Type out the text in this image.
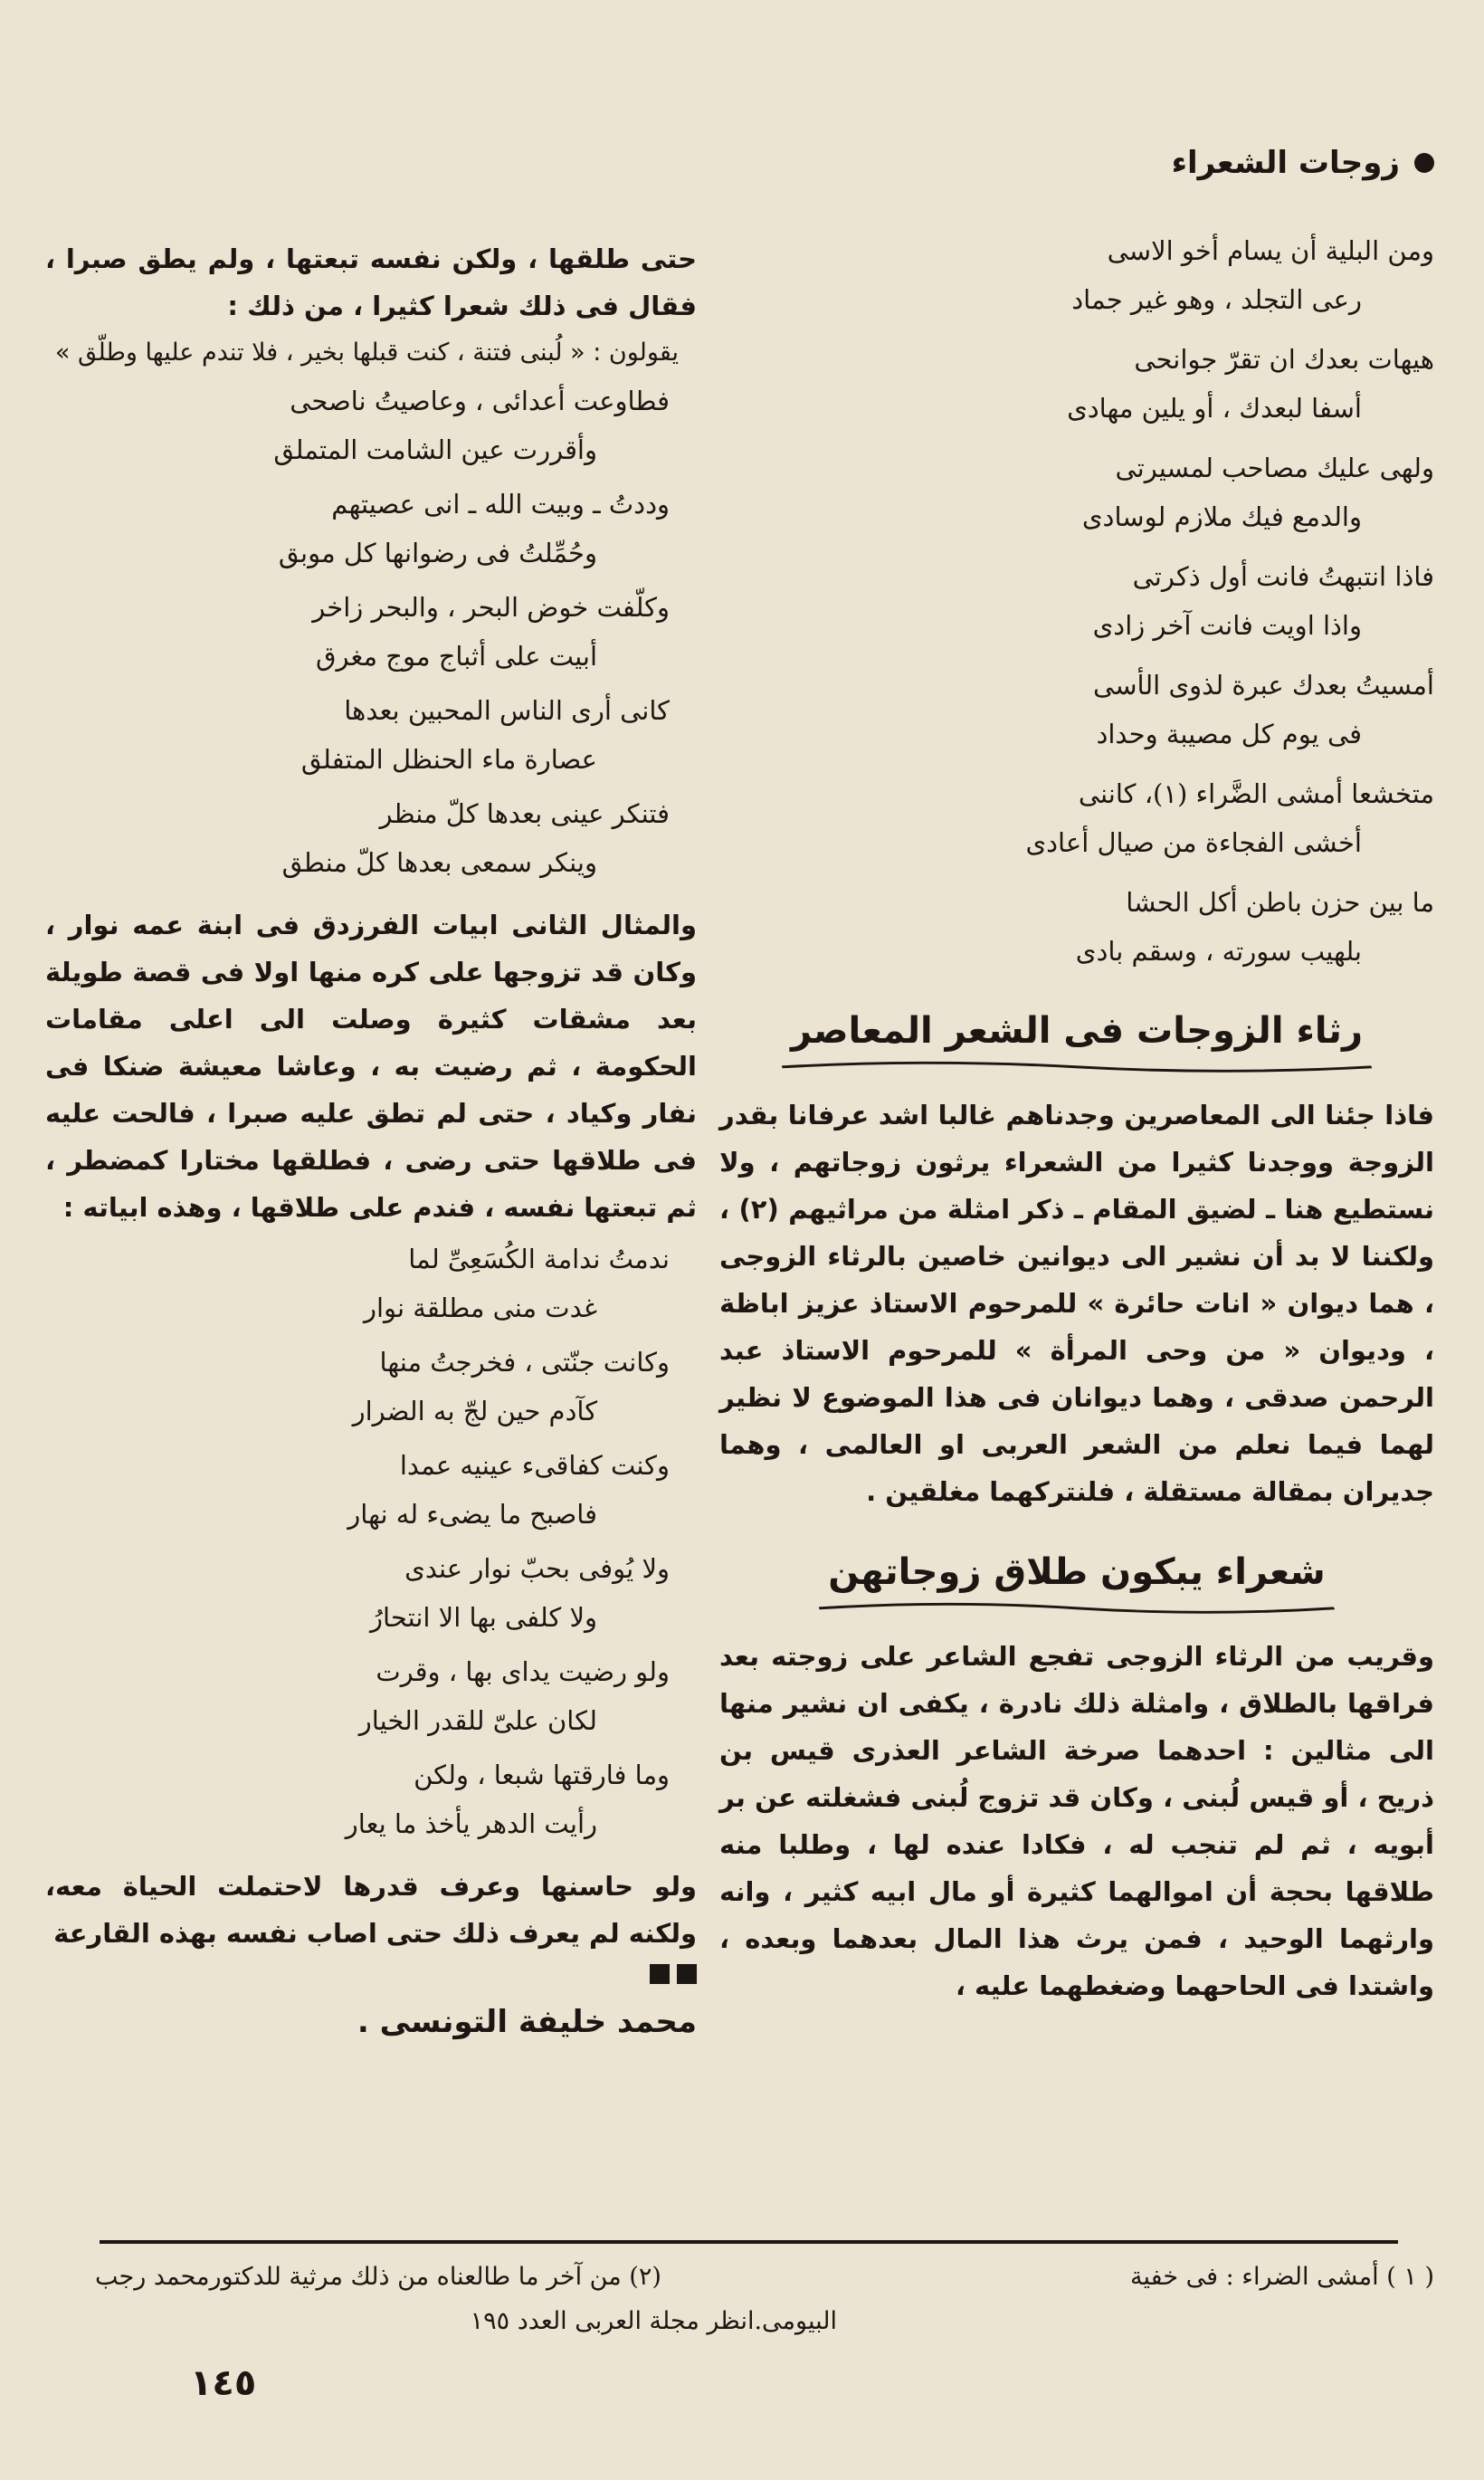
زوجات الشعراء
ومن البلية أن يسام أخو الاسى
رعى التجلد ، وهو غير جماد
هيهات بعدك ان تقرّ جوانحى
أسفا لبعدك ، أو يلين مهادى
ولهى عليك مصاحب لمسيرتى
والدمع فيك ملازم لوسادى
فاذا انتبهتُ فانت أول ذكرتى
واذا اويت فانت آخر زادى
أمسيتُ بعدك عبرة لذوى الأسى
فى يوم كل مصيبة وحداد
متخشعا أمشى الضَّراء (١)، كاننى
أخشى الفجاءة من صيال أعادى
ما بين حزن باطن أكل الحشا
بلهيب سورته ، وسقم بادى
رثاء الزوجات فى الشعر المعاصر

فاذا جئنا الى المعاصرين وجدناهم غالبا اشد عرفانا بقدر الزوجة ووجدنا كثيرا من الشعراء يرثون زوجاتهم ، ولا نستطيع هنا ـ لضيق المقام ـ ذكر امثلة من مراثيهم (٢) ، ولكننا لا بد أن نشير الى ديوانين خاصين بالرثاء الزوجى ، هما ديوان « انات حائرة » للمرحوم الاستاذ عزيز اباظة ، وديوان « من وحى المرأة » للمرحوم الاستاذ عبد الرحمن صدقى ، وهما ديوانان فى هذا الموضوع لا نظير لهما فيما نعلم من الشعر العربى او العالمى ، وهما جديران بمقالة مستقلة ، فلنتركهما مغلقين .

شعراء يبكون طلاق زوجاتهن

وقريب من الرثاء الزوجى تفجع الشاعر على زوجته بعد فراقها بالطلاق ، وامثلة ذلك نادرة ، يكفى ان نشير منها الى مثالين : احدهما صرخة الشاعر العذرى قيس بن ذريح ، أو قيس لُبنى ، وكان قد تزوج لُبنى فشغلته عن بر أبويه ، ثم لم تنجب له ، فكادا عنده لها ، وطلبا منه طلاقها بحجة أن اموالهما كثيرة أو مال ابيه كثير ، وانه وارثهما الوحيد ، فمن يرث هذا المال بعدهما وبعده ، واشتدا فى الحاحهما وضغطهما عليه ،

حتى طلقها ، ولكن نفسه تبعتها ، ولم يطق صبرا ، فقال فى ذلك شعرا كثيرا ، من ذلك :

يقولون : « لُبنى فتنة ، كنت قبلها بخير ، فلا تندم عليها وطلّق »

فطاوعت أعدائى ، وعاصيتُ ناصحى
وأقررت عين الشامت المتملق
وددتُ ـ وبيت الله ـ انى عصيتهم
وحُمِّلتُ فى رضوانها كل موبق
وكلّفت خوض البحر ، والبحر زاخر
أبيت على أثباج موج مغرق
كانى أرى الناس المحبين بعدها
عصارة ماء الحنظل المتفلق
فتنكر عينى بعدها كلّ منظر
وينكر سمعى بعدها كلّ منطق

والمثال الثانى ابيات الفرزدق فى ابنة عمه نوار ، وكان قد تزوجها على كره منها اولا فى قصة طويلة بعد مشقات كثيرة وصلت الى اعلى مقامات الحكومة ، ثم رضيت به ، وعاشا معيشة ضنكا فى نفار وكياد ، حتى لم تطق عليه صبرا ، فالحت عليه فى طلاقها حتى رضى ، فطلقها مختارا كمضطر ، ثم تبعتها نفسه ، فندم على طلاقها ، وهذه ابياته :

ندمتُ ندامة الكُسَعِىِّ لما
غدت منى مطلقة نوار
وكانت جنّتى ، فخرجتُ منها
كآدم حين لجّ به الضرار
وكنت كفاقىء عينيه عمدا
فاصبح ما يضىء له نهار
ولا يُوفى بحبّ نوار عندى
ولا كلفى بها الا انتحارُ
ولو رضيت يداى بها ، وقرت
لكان علىّ للقدر الخيار
وما فارقتها شبعا ، ولكن
رأيت الدهر يأخذ ما يعار

ولو حاسنها وعرف قدرها لاحتملت الحياة معه، ولكنه لم يعرف ذلك حتى اصاب نفسه بهذه القارعة

محمد خليفة التونسى .
( ١ ) أمشى الضراء : فى خفية
(٢) من آخر ما طالعناه من ذلك مرثية للدكتورمحمد رجب
البيومى.انظر مجلة العربى العدد ١٩٥
١٤٥
